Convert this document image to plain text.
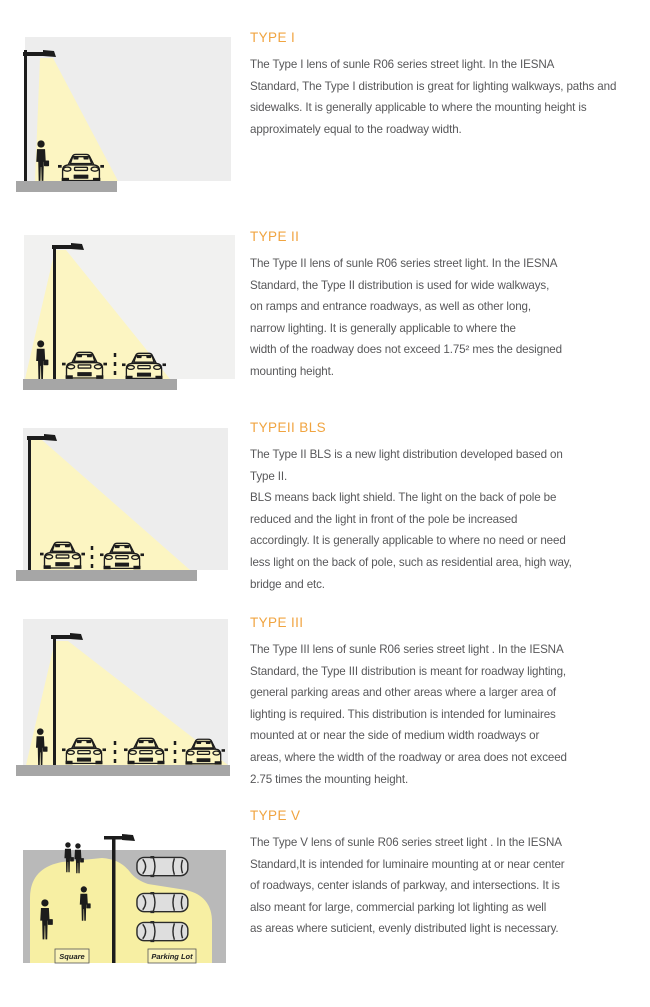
TYPE I
The Type I lens of sunle R06 series street light. In the IESNA
Standard, The Type I distribution is great for lighting walkways, paths and
sidewalks. It is generally applicable to where the mounting height is
approximately equal to the roadway width.
TYPE II
The Type II lens of sunle R06 series street light. In the IESNA
Standard, the Type II distribution is used for wide walkways,
on ramps and entrance roadways, as well as other long,
narrow lighting. It is generally applicable to where the
width of the roadway does not exceed 1.75² mes the designed
mounting height.
TYPEII BLS
The Type II BLS is a new light distribution developed based on
Type II.
BLS means back light shield. The light on the back of pole be
reduced and the light in front of the pole be increased
accordingly. It is generally applicable to where no need or need
less light on the back of pole, such as residential area, high way,
bridge and etc.
TYPE III
The Type III lens of sunle R06 series street light . In the IESNA
Standard, the Type III distribution is meant for roadway lighting,
general parking areas and other areas where a larger area of
lighting is required. This distribution is intended for luminaires
mounted at or near the side of medium width roadways or
areas, where the width of the roadway or area does not exceed
2.75 times the mounting height.
Square	Parking Lot
TYPE V
The Type V lens of sunle R06 series street light . In the IESNA
Standard,It is intended for luminaire mounting at or near center
of roadways, center islands of parkway, and intersections. It is
also meant for large, commercial parking lot lighting as well
as areas where suticient, evenly distributed light is necessary.
